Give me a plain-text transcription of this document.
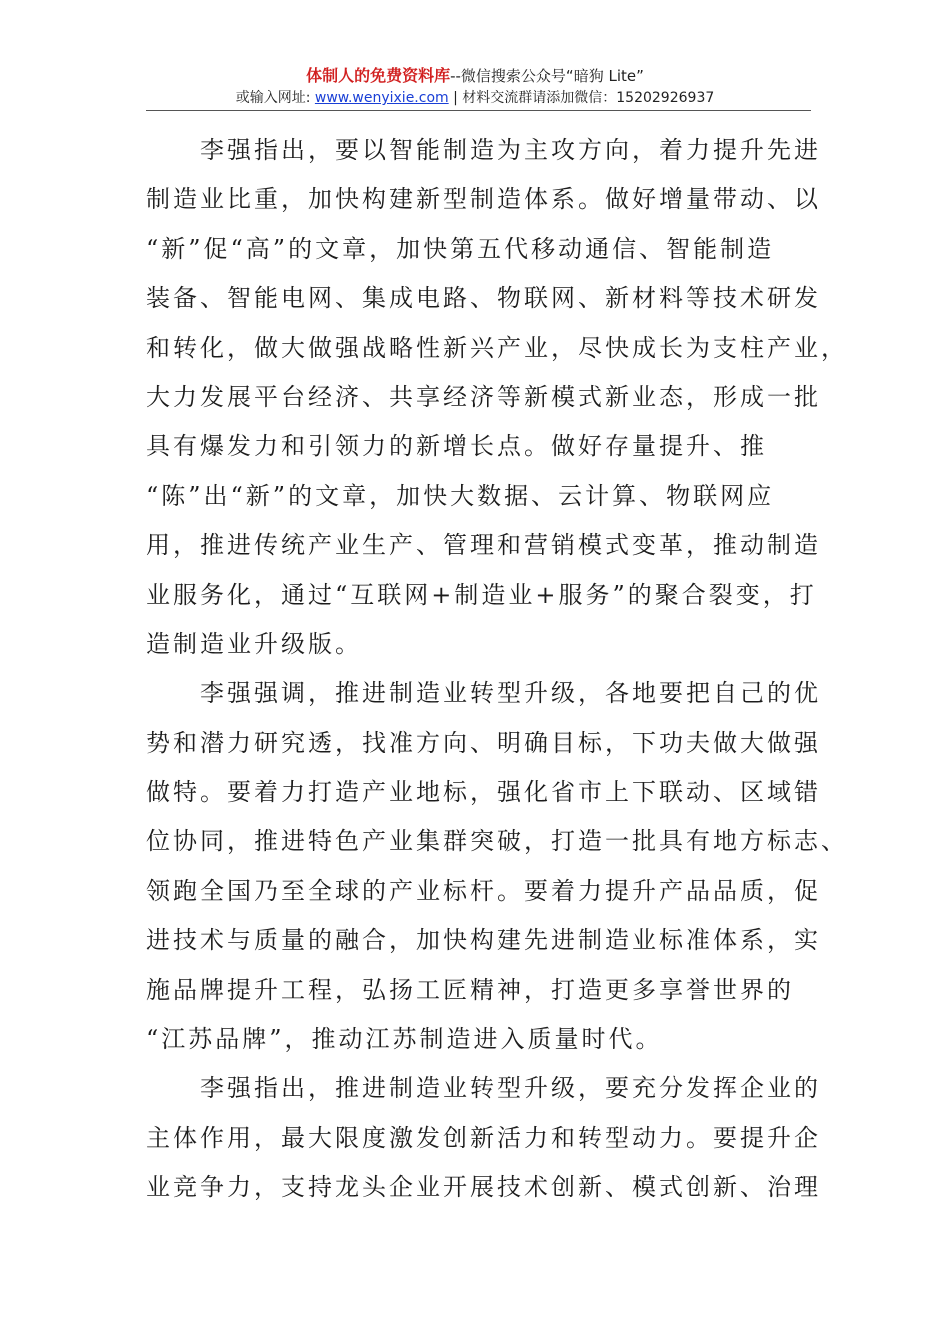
体制人的免费资料库--微信搜索公众号“暗狗 Lite”
或输入网址: www.wenyixie.com | 材料交流群请添加微信：15202926937
　　李强指出，要以智能制造为主攻方向，着力提升先进
制造业比重，加快构建新型制造体系。做好增量带动、以
“新”促“高”的文章，加快第五代移动通信、智能制造
装备、智能电网、集成电路、物联网、新材料等技术研发
和转化，做大做强战略性新兴产业，尽快成长为支柱产业，
大力发展平台经济、共享经济等新模式新业态，形成一批
具有爆发力和引领力的新增长点。做好存量提升、推
“陈”出“新”的文章，加快大数据、云计算、物联网应
用，推进传统产业生产、管理和营销模式变革，推动制造
业服务化，通过“互联网+制造业+服务”的聚合裂变，打
造制造业升级版。
　　李强强调，推进制造业转型升级，各地要把自己的优
势和潜力研究透，找准方向、明确目标，下功夫做大做强
做特。要着力打造产业地标，强化省市上下联动、区域错
位协同，推进特色产业集群突破，打造一批具有地方标志、
领跑全国乃至全球的产业标杆。要着力提升产品品质，促
进技术与质量的融合，加快构建先进制造业标准体系，实
施品牌提升工程，弘扬工匠精神，打造更多享誉世界的
“江苏品牌”，推动江苏制造进入质量时代。
　　李强指出，推进制造业转型升级，要充分发挥企业的
主体作用，最大限度激发创新活力和转型动力。要提升企
业竞争力，支持龙头企业开展技术创新、模式创新、治理
